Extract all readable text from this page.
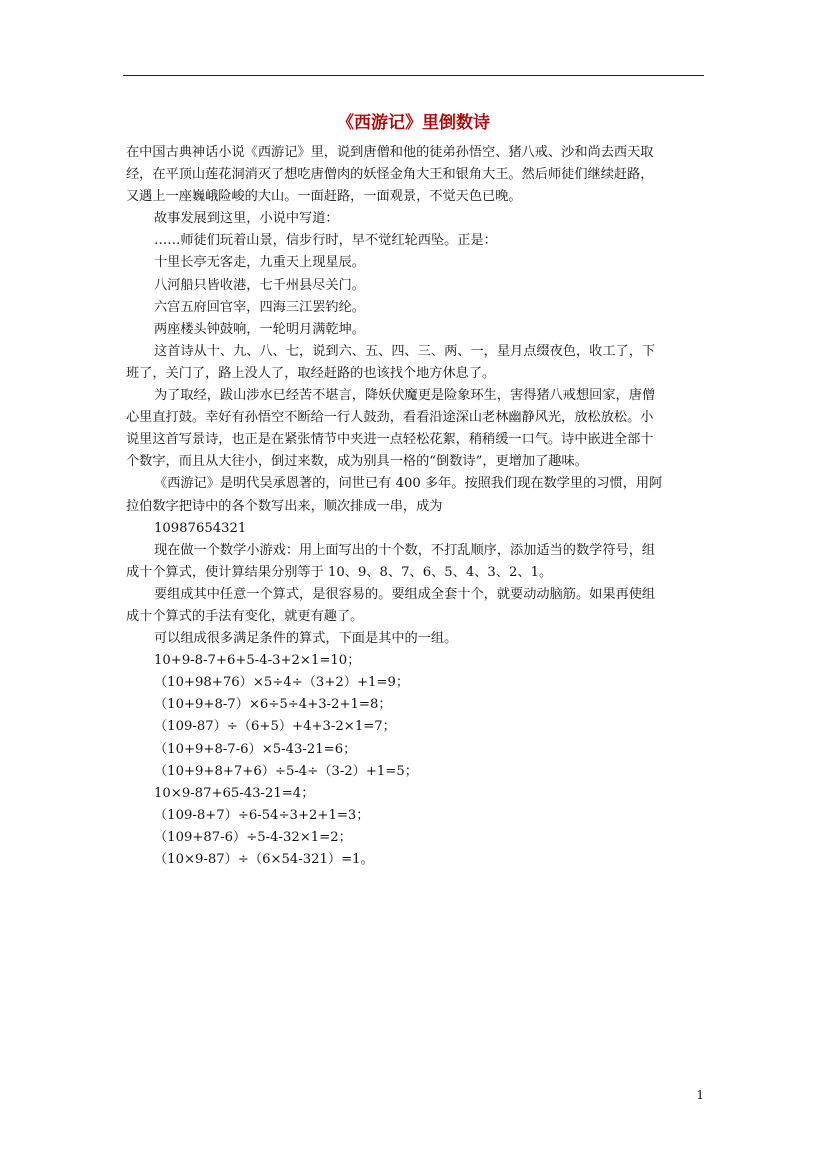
《西游记》里倒数诗

在中国古典神话小说《西游记》里，说到唐僧和他的徒弟孙悟空、猪八戒、沙和尚去西天取

经，在平顶山莲花洞消灭了想吃唐僧肉的妖怪金角大王和银角大王。然后师徒们继续赶路，

又遇上一座巍峨险峻的大山。一面赶路，一面观景，不觉天色已晚。

故事发展到这里，小说中写道：

……师徒们玩着山景，信步行时，早不觉红轮西坠。正是：

十里长亭无客走，九重天上现星辰。

八河船只皆收港，七千州县尽关门。

六宫五府回官宰，四海三江罢钓纶。

两座楼头钟鼓响，一轮明月满乾坤。

这首诗从十、九、八、七，说到六、五、四、三、两、一，星月点缀夜色，收工了，下

班了，关门了，路上没人了，取经赶路的也该找个地方休息了。

为了取经，跋山涉水已经苦不堪言，降妖伏魔更是险象环生，害得猪八戒想回家，唐僧

心里直打鼓。幸好有孙悟空不断给一行人鼓劲，看看沿途深山老林幽静风光，放松放松。小

说里这首写景诗，也正是在紧张情节中夹进一点轻松花絮，稍稍缓一口气。诗中嵌进全部十

个数字，而且从大往小，倒过来数，成为别具一格的“倒数诗”，更增加了趣味。

《西游记》是明代吴承恩著的，问世已有 400 多年。按照我们现在数学里的习惯，用阿

拉伯数字把诗中的各个数写出来，顺次排成一串，成为

10987654321

现在做一个数学小游戏：用上面写出的十个数，不打乱顺序，添加适当的数学符号，组

成十个算式，使计算结果分别等于 10、9、8、7、6、5、4、3、2、1。

要组成其中任意一个算式，是很容易的。要组成全套十个，就要动动脑筋。如果再使组

成十个算式的手法有变化，就更有趣了。

可以组成很多满足条件的算式，下面是其中的一组。

10+9-8-7+6+5-4-3+2×1=10；

（10+98+76）×5÷4÷（3+2）+1=9；

（10+9+8-7）×6÷5÷4+3-2+1=8；

（109-87）÷（6+5）+4+3-2×1=7；

（10+9+8-7-6）×5-43-21=6；

（10+9+8+7+6）÷5-4÷（3-2）+1=5；

10×9-87+65-43-21=4；

（109-8+7）÷6-54÷3+2+1=3；

（109+87-6）÷5-4-32×1=2；

（10×9-87）÷（6×54-321）=1。

1
